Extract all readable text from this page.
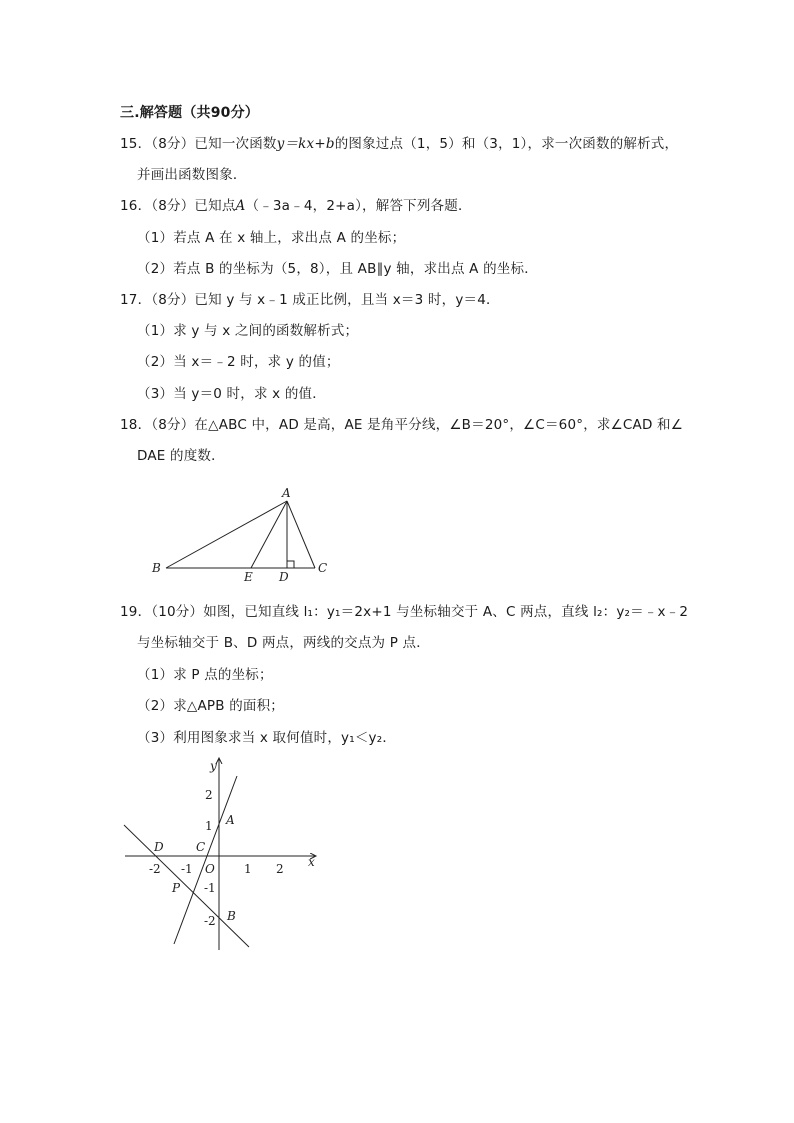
三.解答题（共90分）
15．（8分）已知一次函数y＝kx+b的图象过点（1，5）和（3，1），求一次函数的解析式，
并画出函数图象．
16．（8分）已知点A（﹣3a﹣4，2+a），解答下列各题．
（1）若点 A 在 x 轴上，求出点 A 的坐标；
（2）若点 B 的坐标为（5，8），且 AB∥y 轴，求出点 A 的坐标．
17．（8分）已知 y 与 x﹣1 成正比例，且当 x＝3 时，y＝4．
（1）求 y 与 x 之间的函数解析式；
（2）当 x＝﹣2 时，求 y 的值；
（3）当 y＝0 时，求 x 的值．
18．（8分）在△ABC 中，AD 是高，AE 是角平分线，∠B＝20°，∠C＝60°，求∠CAD 和∠
DAE 的度数．
A
B	C
D
E
19．（10分）如图，已知直线 l₁：y₁＝2x+1 与坐标轴交于 A、C 两点，直线 l₂：y₂＝﹣x﹣2
与坐标轴交于 B、D 两点，两线的交点为 P 点．
（1）求 P 点的坐标；
（2）求△APB 的面积；
（3）利用图象求当 x 取何值时，y₁＜y₂．
y
x
2
1
-1
-2
-2 -1	1 2
O
A
B
C
D
P
